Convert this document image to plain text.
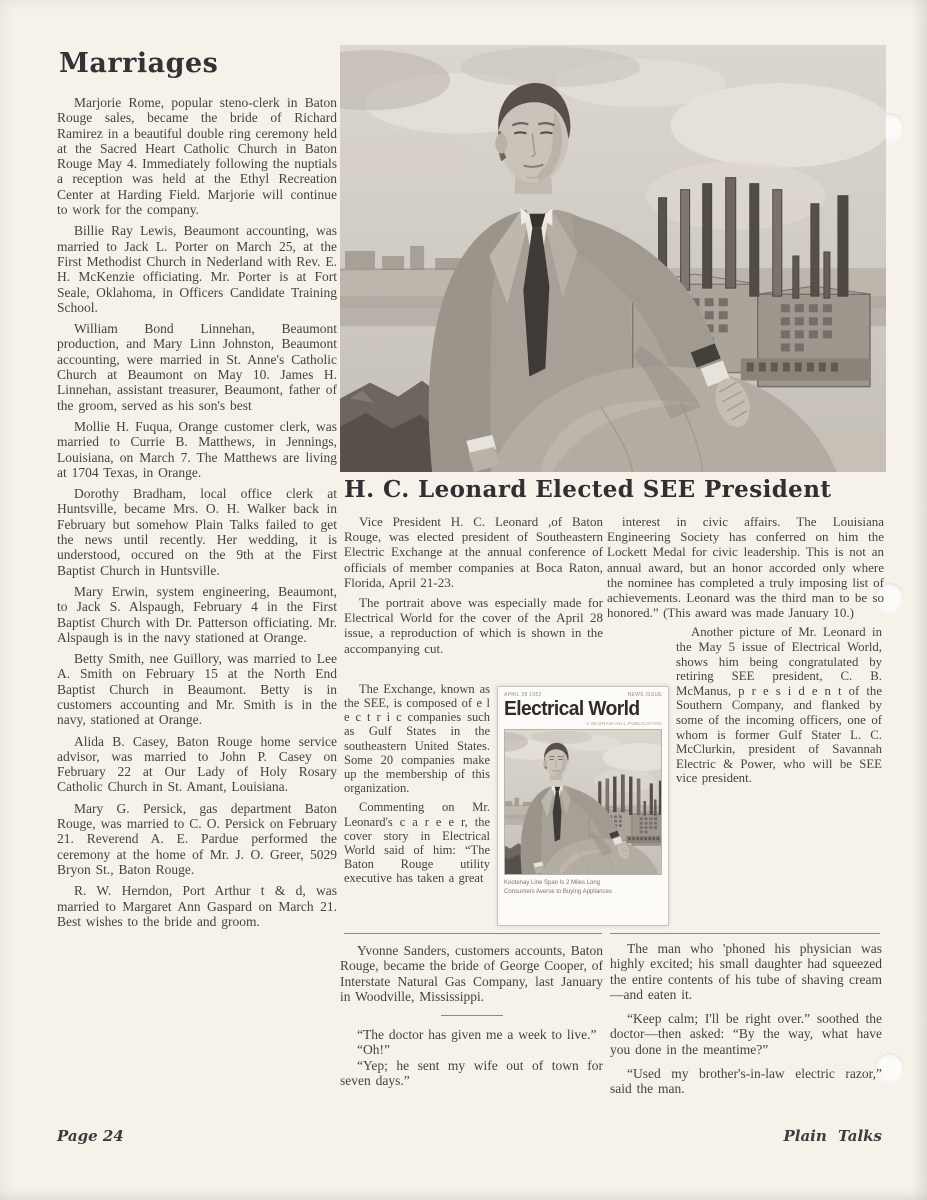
Marriages

Marjorie Rome, popular steno-clerk in Baton Rouge sales, became the bride of Richard Ramirez in a beautiful double ring ceremony held at the Sacred Heart Catholic Church in Baton Rouge May 4. Immediately following the nuptials a reception was held at the Ethyl Recreation Center at Harding Field. Marjorie will continue to work for the company.

Billie Ray Lewis, Beaumont accounting, was married to Jack L. Porter on March 25, at the First Methodist Church in Nederland with Rev. E. H. McKenzie officiating. Mr. Porter is at Fort Seale, Oklahoma, in Officers Candidate Training School.

William Bond Linnehan, Beaumont production, and Mary Linn Johnston, Beaumont accounting, were married in St. Anne's Catholic Church at Beaumont on May 10. James H. Linnehan, assistant treasurer, Beaumont, father of the groom, served as his son's best

Mollie H. Fuqua, Orange customer clerk, was married to Currie B. Matthews, in Jennings, Louisiana, on March 7. The Matthews are living at 1704 Texas, in Orange.

Dorothy Bradham, local office clerk at Huntsville, became Mrs. O. H. Walker back in February but somehow Plain Talks failed to get the news until recently. Her wedding, it is understood, occured on the 9th at the First Baptist Church in Huntsville.

Mary Erwin, system engineering, Beaumont, to Jack S. Alspaugh, February 4 in the First Baptist Church with Dr. Patterson officiating. Mr. Alspaugh is in the navy stationed at Orange.

Betty Smith, nee Guillory, was married to Lee A. Smith on February 15 at the North End Baptist Church in Beaumont. Betty is in customers accounting and Mr. Smith is in the navy, stationed at Orange.

Alida B. Casey, Baton Rouge home service advisor, was married to John P. Casey on February 22 at Our Lady of Holy Rosary Catholic Church in St. Amant, Louisiana.

Mary G. Persick, gas department Baton Rouge, was married to C. O. Persick on February 21. Reverend A. E. Pardue performed the ceremony at the home of Mr. J. O. Greer, 5029 Bryon St., Baton Rouge.

R. W. Herndon, Port Arthur t & d, was married to Margaret Ann Gaspard on March 21. Best wishes to the bride and groom.

H. C. Leonard Elected SEE President

Vice President H. C. Leonard ,of Baton Rouge, was elected president of Southeastern Electric Exchange at the annual conference of officials of member companies at Boca Raton, Florida, April 21-23.

The portrait above was especially made for Electrical World for the cover of the April 28 issue, a reproduction of which is shown in the accompanying cut.

The Exchange, known as the SEE, is composed of e l e c t r i c companies such as Gulf States in the southeastern United States. Some 20 companies make up the membership of this organization.

Commenting on Mr. Leonard's c a r e e r, the cover story in Electrical World said of him: “The Baton Rouge utility executive has taken a great

interest in civic affairs. The Louisiana Engineering Society has conferred on him the Lockett Medal for civic leadership. This is not an annual award, but an honor accorded only where the nominee has completed a truly imposing list of achievements. Leonard was the third man to be so honored.” (This award was made January 10.)

Another picture of Mr. Leonard in the May 5 issue of Electrical World, shows him being congratulated by retiring SEE president, C. B. McManus, p r e s i d e n t of the Southern Company, and flanked by some of the incoming officers, one of whom is former Gulf Stater L. C. McClurkin, president of Savannah Electric & Power, who will be SEE vice president.

APRIL 28 1952	NEWS ISSUE
Electrical World
A McGRAW-HILL PUBLICATION
Kootenay Line Span Is 2 Miles Long
Consumers Averse to Buying Appliances

Yvonne Sanders, customers accounts, Baton Rouge, became the bride of George Cooper, of Interstate Natural Gas Company, last January in Woodville, Mississippi.

“The doctor has given me a week to live.”

“Oh!”

“Yep; he sent my wife out of town for seven days.”

The man who 'phoned his physician was highly excited; his small daughter had squeezed the entire contents of his tube of shaving cream—and eaten it.

“Keep calm; I'll be right over.” soothed the doctor—then asked: “By the way, what have you done in the meantime?”

“Used my brother's-in-law electric razor,” said the man.

Page 24	Plain Talks
